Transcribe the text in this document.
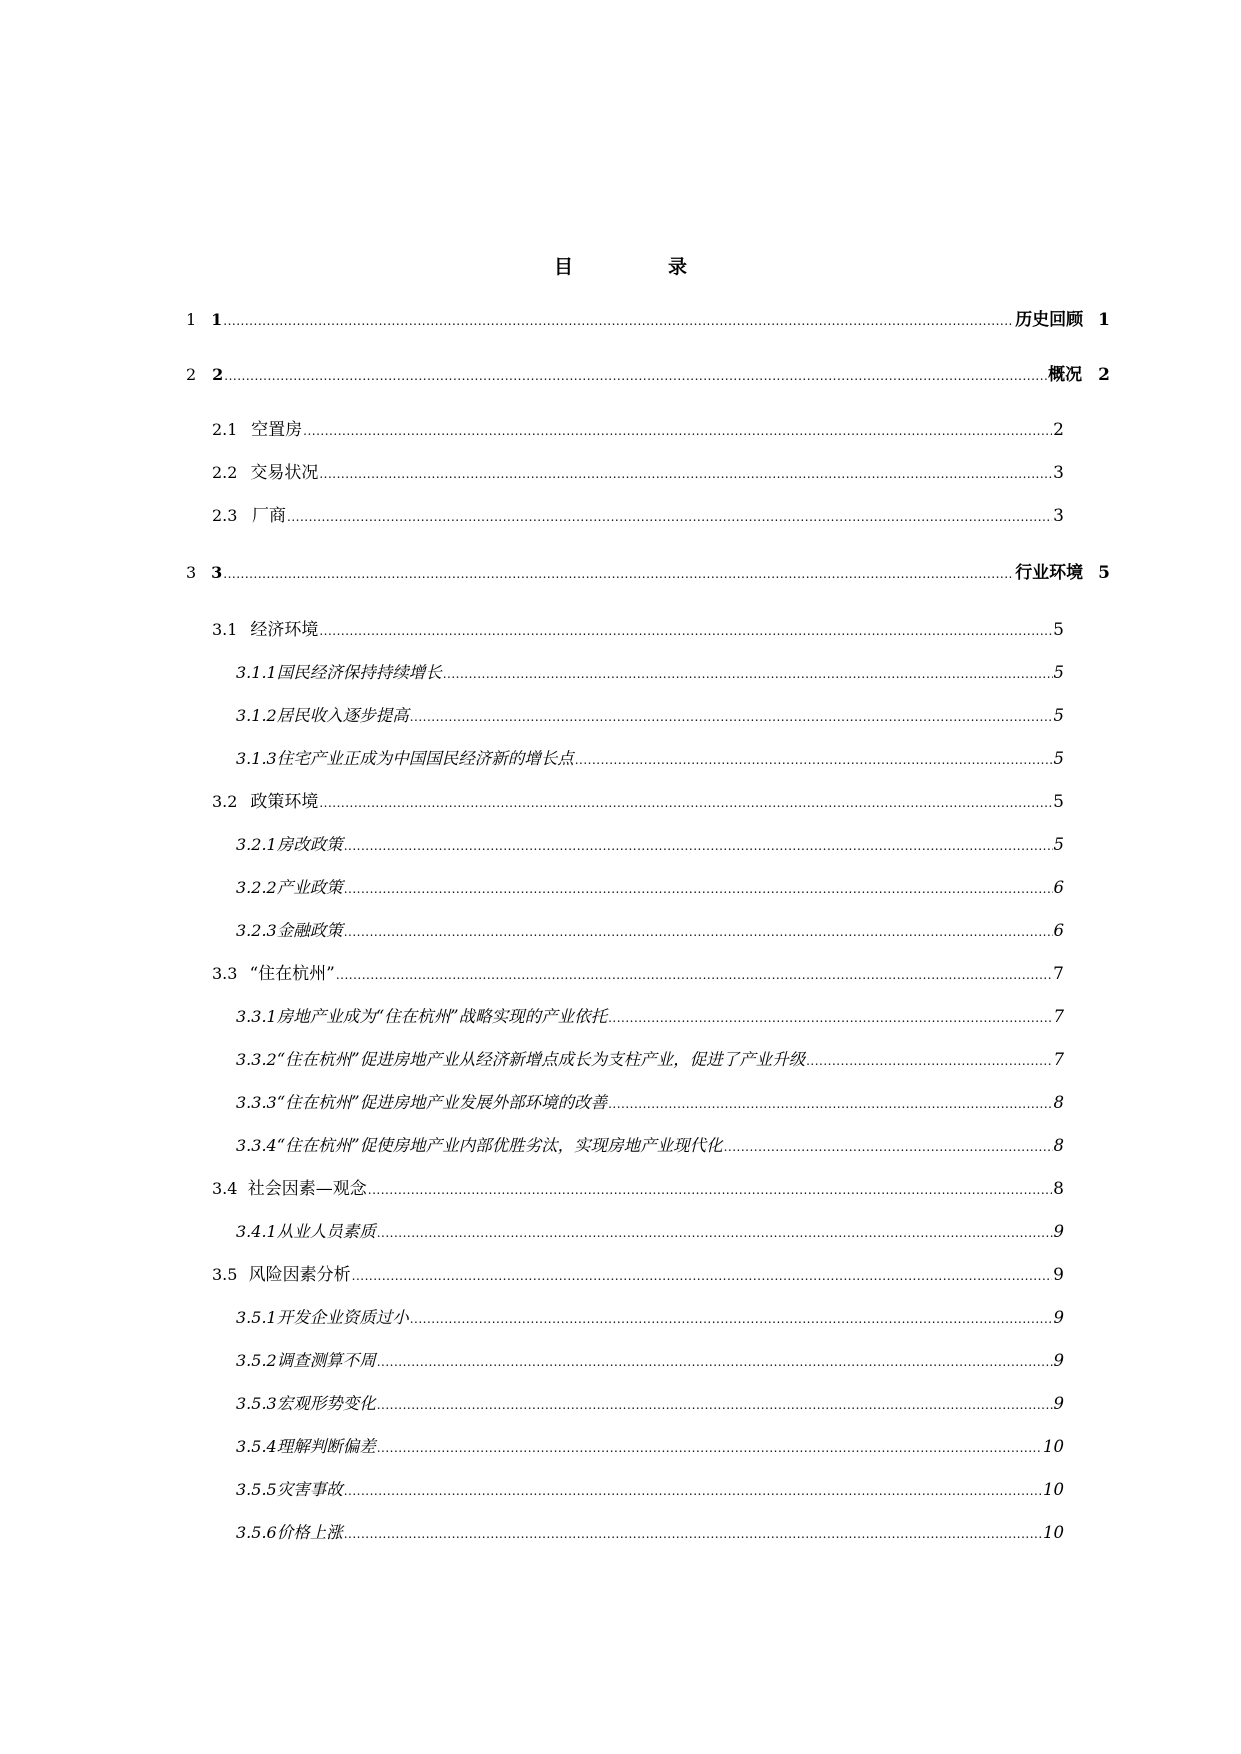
目　录
1 1 .....	历史回顾 1
2 2 .....	概况 2
2.1 空置房 .....	2
2.2 交易状况 .....	3
2.3 厂商 .....	3
3 3 .....	行业环境 5
3.1 经济环境 .....	5
3.1.1 国民经济保持持续增长 .....	5
3.1.2 居民收入逐步提高 .....	5
3.1.3 住宅产业正成为中国国民经济新的增长点 .....	5
3.2 政策环境 .....	5
3.2.1 房改政策 .....	5
3.2.2 产业政策 .....	6
3.2.3 金融政策 .....	6
3.3 “住在杭州” .....	7
3.3.1 房地产业成为“住在杭州”战略实现的产业依托 .....	7
3.3.2 “住在杭州”促进房地产业从经济新增点成长为支柱产业，促进了产业升级 .....	7
3.3.3 “住在杭州”促进房地产业发展外部环境的改善 .....	8
3.3.4 “住在杭州”促使房地产业内部优胜劣汰，实现房地产业现代化 .....	8
3.4 社会因素—观念 .....	8
3.4.1 从业人员素质 .....	9
3.5 风险因素分析 .....	9
3.5.1 开发企业资质过小 .....	9
3.5.2 调查测算不周 .....	9
3.5.3 宏观形势变化 .....	9
3.5.4 理解判断偏差 .....	10
3.5.5 灾害事故 .....	10
3.5.6 价格上涨 .....	10
